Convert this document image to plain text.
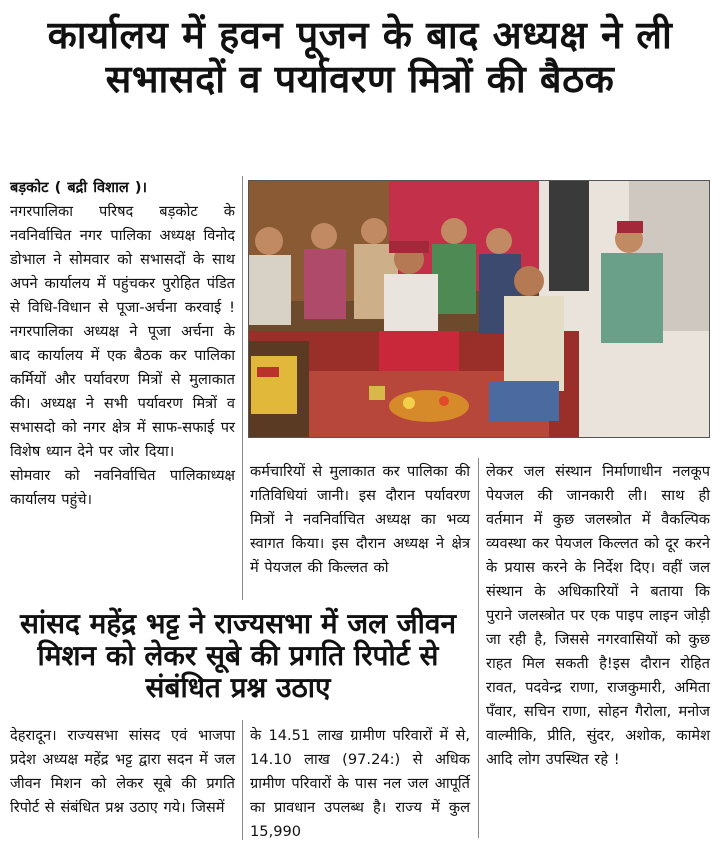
कार्यालय में हवन पूजन के बाद अध्यक्ष ने ली सभासदों व पर्यावरण मित्रों की बैठक

बड़कोट ( बद्री विशाल )।

नगरपालिका परिषद बड़कोट के नवनिर्वाचित नगर पालिका अध्यक्ष विनोद डोभाल ने सोमवार को सभासदों के साथ अपने कार्यालय में पहुंचकर पुरोहित पंडित से विधि-विधान से पूजा-अर्चना करवाई !नगरपालिका अध्यक्ष ने पूजा अर्चना के बाद कार्यालय में एक बैठक कर पालिका कर्मियों और पर्यावरण मित्रों से मुलाकात की। अध्यक्ष ने सभी पर्यावरण मित्रों व सभासदो को नगर क्षेत्र में साफ-सफाई पर विशेष ध्यान देने पर जोर दिया।

सोमवार को नवनिर्वाचित पालिकाध्यक्ष कार्यालय पहुंचे।

कर्मचारियों से मुलाकात कर पालिका की गतिविधियां जानी। इस दौरान पर्यावरण मित्रों ने नवनिर्वाचित अध्यक्ष का भव्य स्वागत किया। इस दौरान अध्यक्ष ने क्षेत्र में पेयजल की किल्लत को

लेकर जल संस्थान निर्माणाधीन नलकूप पेयजल की जानकारी ली। साथ ही वर्तमान में कुछ जलस्त्रोत में वैकल्पिक व्यवस्था कर पेयजल किल्लत को दूर करने के प्रयास करने के निर्देश दिए। वहीं जल संस्थान के अधिकारियों ने बताया कि पुराने जलस्त्रोत पर एक पाइप लाइन जोड़ी जा रही है, जिससे नगरवासियों को कुछ राहत मिल सकती है!इस दौरान रोहित रावत, पदवेन्द्र राणा, राजकुमारी, अमिता पँवार, सचिन राणा, सोहन गैरोला, मनोज वाल्मीकि, प्रीति, सुंदर, अशोक, कामेश आदि लोग उपस्थित रहे !

सांसद महेंद्र भट्ट ने राज्यसभा में जल जीवन मिशन को लेकर सूबे की प्रगति रिपोर्ट से संबंधित प्रश्न उठाए

देहरादून। राज्यसभा सांसद एवं भाजपा प्रदेश अध्यक्ष महेंद्र भट्ट द्वारा सदन में जल जीवन मिशन को लेकर सूबे की प्रगति रिपोर्ट से संबंधित प्रश्न उठाए गये। जिसमें

के 14.51 लाख ग्रामीण परिवारों में से, 14.10 लाख (97.24:) से अधिक ग्रामीण परिवारों के पास नल जल आपूर्ति का प्रावधान उपलब्ध है। राज्य में कुल 15,990
